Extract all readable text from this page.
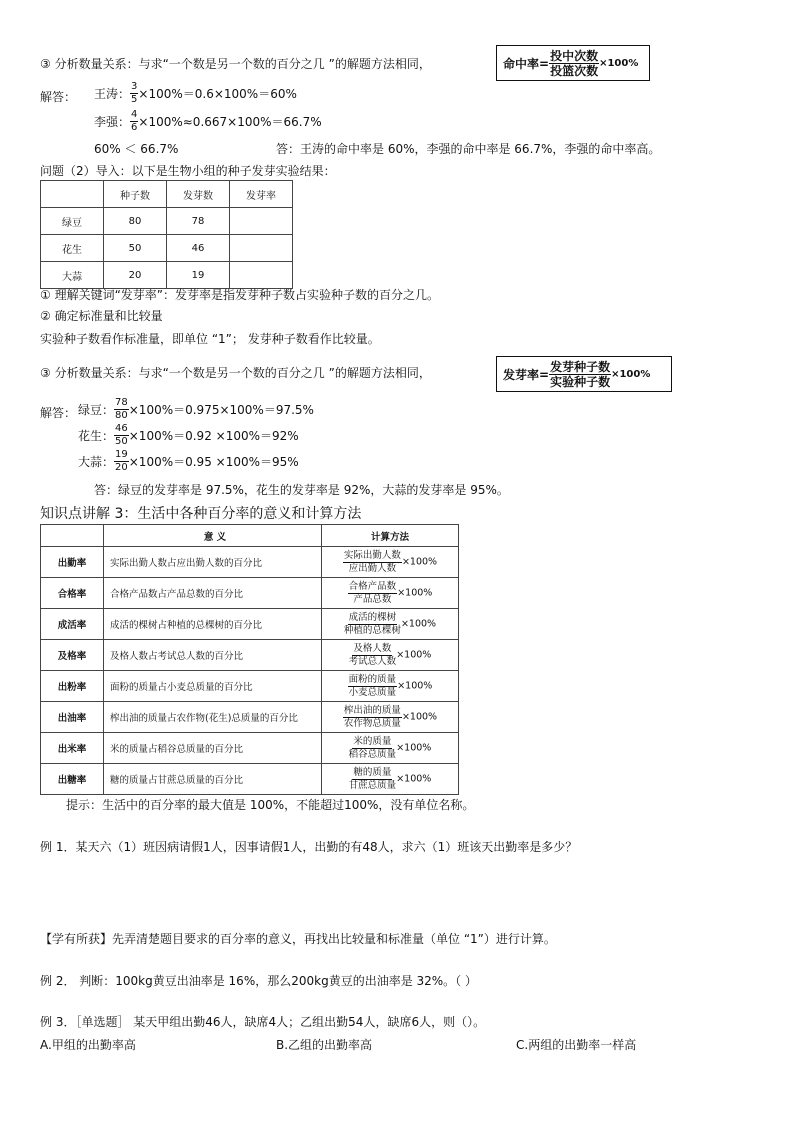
③ 分析数量关系：与求“一个数是另一个数的百分之几 ”的解题方法相同，	命中率= $\frac{\text{投中次数}}{\text{投篮次数}} \times 100\%$
解答： 王涛： $\frac{3}{5} \times 100\%=0.6\times 100\%=60\%$
李强： $\frac{4}{6} \times 100\%\approx 0.667\times 100\%=66.7\%$
60% ＜ 66.7%	答：王涛的命中率是 60%，李强的命中率是 66.7%，李强的命中率高。
问题（2）导入：以下是生物小组的种子发芽实验结果：
	种子数	发芽数	发芽率
绿豆	80	78	
花生	50	46	
大蒜	20	19	
① 理解关键词“发芽率”：发芽率是指发芽种子数占实验种子数的百分之几。
② 确定标准量和比较量
实验种子数看作标准量，即单位 “1”； 发芽种子数看作比较量。
③ 分析数量关系：与求“一个数是另一个数的百分之几 ”的解题方法相同，	发芽率= $\frac{\text{发芽种子数}}{\text{实验种子数}} \times 100\%$
解答： 绿豆： $\frac{78}{80} \times 100\%=0.975\times 100\%=97.5\%$
花生： $\frac{46}{50} \times 100\%=0.92 \times 100\%=92\%$
大蒜： $\frac{19}{20} \times 100\%=0.95 \times 100\%=95\%$
答：绿豆的发芽率是 97.5%，花生的发芽率是 92%，大蒜的发芽率是 95%。
知识点讲解 3：生活中各种百分率的意义和计算方法
	意 义	计算方法
出勤率	实际出勤人数占应出勤人数的百分比	$\frac{\text{实际出勤人数}}{\text{应出勤人数}} \times 100\%$
合格率	合格产品数占产品总数的百分比	$\frac{\text{合格产品数}}{\text{产品总数}} \times 100\%$
成活率	成活的棵树占种植的总棵树的百分比	$\frac{\text{成活的棵树}}{\text{种植的总棵树}} \times 100\%$
及格率	及格人数占考试总人数的百分比	$\frac{\text{及格人数}}{\text{考试总人数}} \times 100\%$
出粉率	面粉的质量占小麦总质量的百分比	$\frac{\text{面粉的质量}}{\text{小麦总质量}} \times 100\%$
出油率	榨出油的质量占农作物(花生)总质量的百分比	$\frac{\text{榨出油的质量}}{\text{农作物总质量}} \times 100\%$
出米率	米的质量占稻谷总质量的百分比	$\frac{\text{米的质量}}{\text{稻谷总质量}} \times 100\%$
出糖率	糖的质量占甘蔗总质量的百分比	$\frac{\text{糖的质量}}{\text{甘蔗总质量}} \times 100\%$
提示：生活中的百分率的最大值是 100%，不能超过100%，没有单位名称。
例 1．某天六（1）班因病请假1人，因事请假1人，出勤的有48人，求六（1）班该天出勤率是多少？
【学有所获】先弄清楚题目要求的百分率的意义，再找出比较量和标准量（单位 “1”）进行计算。
例 2． 判断：100kg黄豆出油率是 16%，那么200kg黄豆的出油率是 32%。（ ）
例 3．［单选题］ 某天甲组出勤46人，缺席4人；乙组出勤54人，缺席6人，则（）。
A.甲组的出勤率高	B.乙组的出勤率高	C.两组的出勤率一样高
